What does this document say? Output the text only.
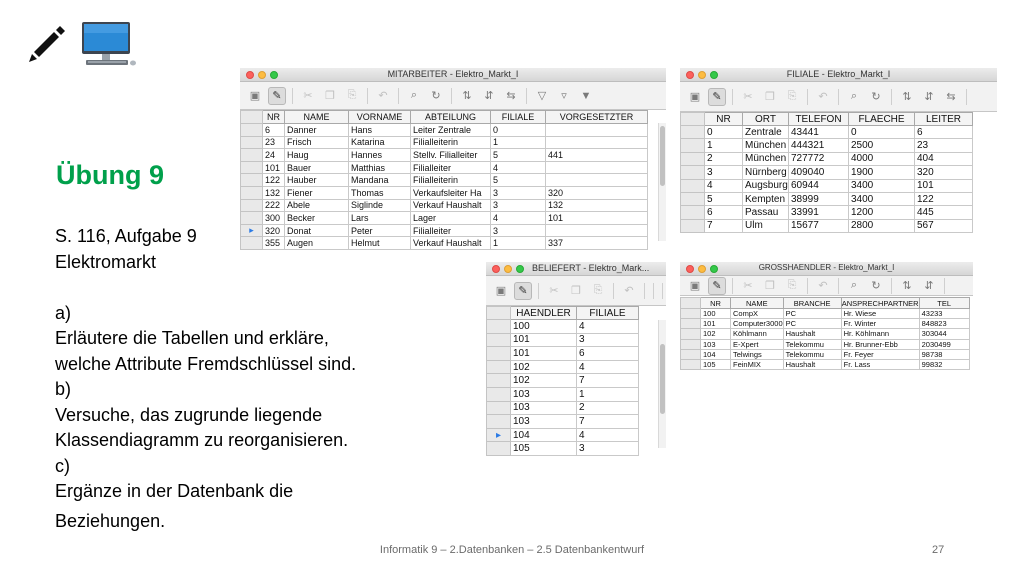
Übung 9
S. 116, Aufgabe 9
Elektromarkt
a)
Erläutere die Tabellen und erkläre,
welche Attribute Fremdschlüssel sind.
b)
Versuche, das zugrunde liegende
Klassendiagramm zu reorganisieren.
c)
Ergänze in der Datenbank die
Beziehungen.
MITARBEITER - Elektro_Markt_I
▣	✎	✂	❐	⎘	↶	⌕	↻	⇅	⇵	⇆	▽	▿	▼
	NR	NAME	VORNAME	ABTEILUNG	FILIALE	VORGESETZTER
	6	Danner	Hans	Leiter Zentrale	0	
	23	Frisch	Katarina	Filialleiterin	1	
	24	Haug	Hannes	Stellv. Filialleiter	5	441
	101	Bauer	Matthias	Filialleiter	4	
	122	Hauber	Mandana	Filialleiterin	5	
	132	Fiener	Thomas	Verkaufsleiter Ha	3	320
	222	Abele	Siglinde	Verkauf Haushalt	3	132
	300	Becker	Lars	Lager	4	101
▸	320	Donat	Peter	Filialleiter	3	
	355	Augen	Helmut	Verkauf Haushalt	1	337
FILIALE - Elektro_Markt_I
▣	✎	✂	❐	⎘	↶	⌕	↻	⇅	⇵	⇆
	NR	ORT	TELEFON	FLAECHE	LEITER
	0	Zentrale	43441	0	6
	1	München	444321	2500	23
	2	München	727772	4000	404
	3	Nürnberg	409040	1900	320
	4	Augsburg	60944	3400	101
	5	Kempten	38999	3400	122
	6	Passau	33991	1200	445
	7	Ulm	15677	2800	567
BELIEFERT - Elektro_Mark...
▣	✎	✂	❐	⎘	↶
	HAENDLER	FILIALE
	100	4
	101	3
	101	6
	102	4
	102	7
	103	1
	103	2
	103	7
▸	104	4
	105	3
GROSSHAENDLER - Elektro_Markt_I
▣	✎	✂	❐	⎘	↶	⌕	↻	⇅	⇵
	NR	NAME	BRANCHE	ANSPRECHPARTNER	TEL
	100	CompX	PC	Hr. Wiese	43233
	101	Computer3000	PC	Fr. Winter	848823
	102	Köhlmann	Haushalt	Hr. Köhlmann	303044
	103	E-Xpert	Telekommu	Hr. Brunner-Ebb	2030499
	104	Telwings	Telekommu	Fr. Feyer	98738
	105	FeinMIX	Haushalt	Fr. Lass	99832
Informatik 9 – 2.Datenbanken – 2.5 Datenbankentwurf	27
